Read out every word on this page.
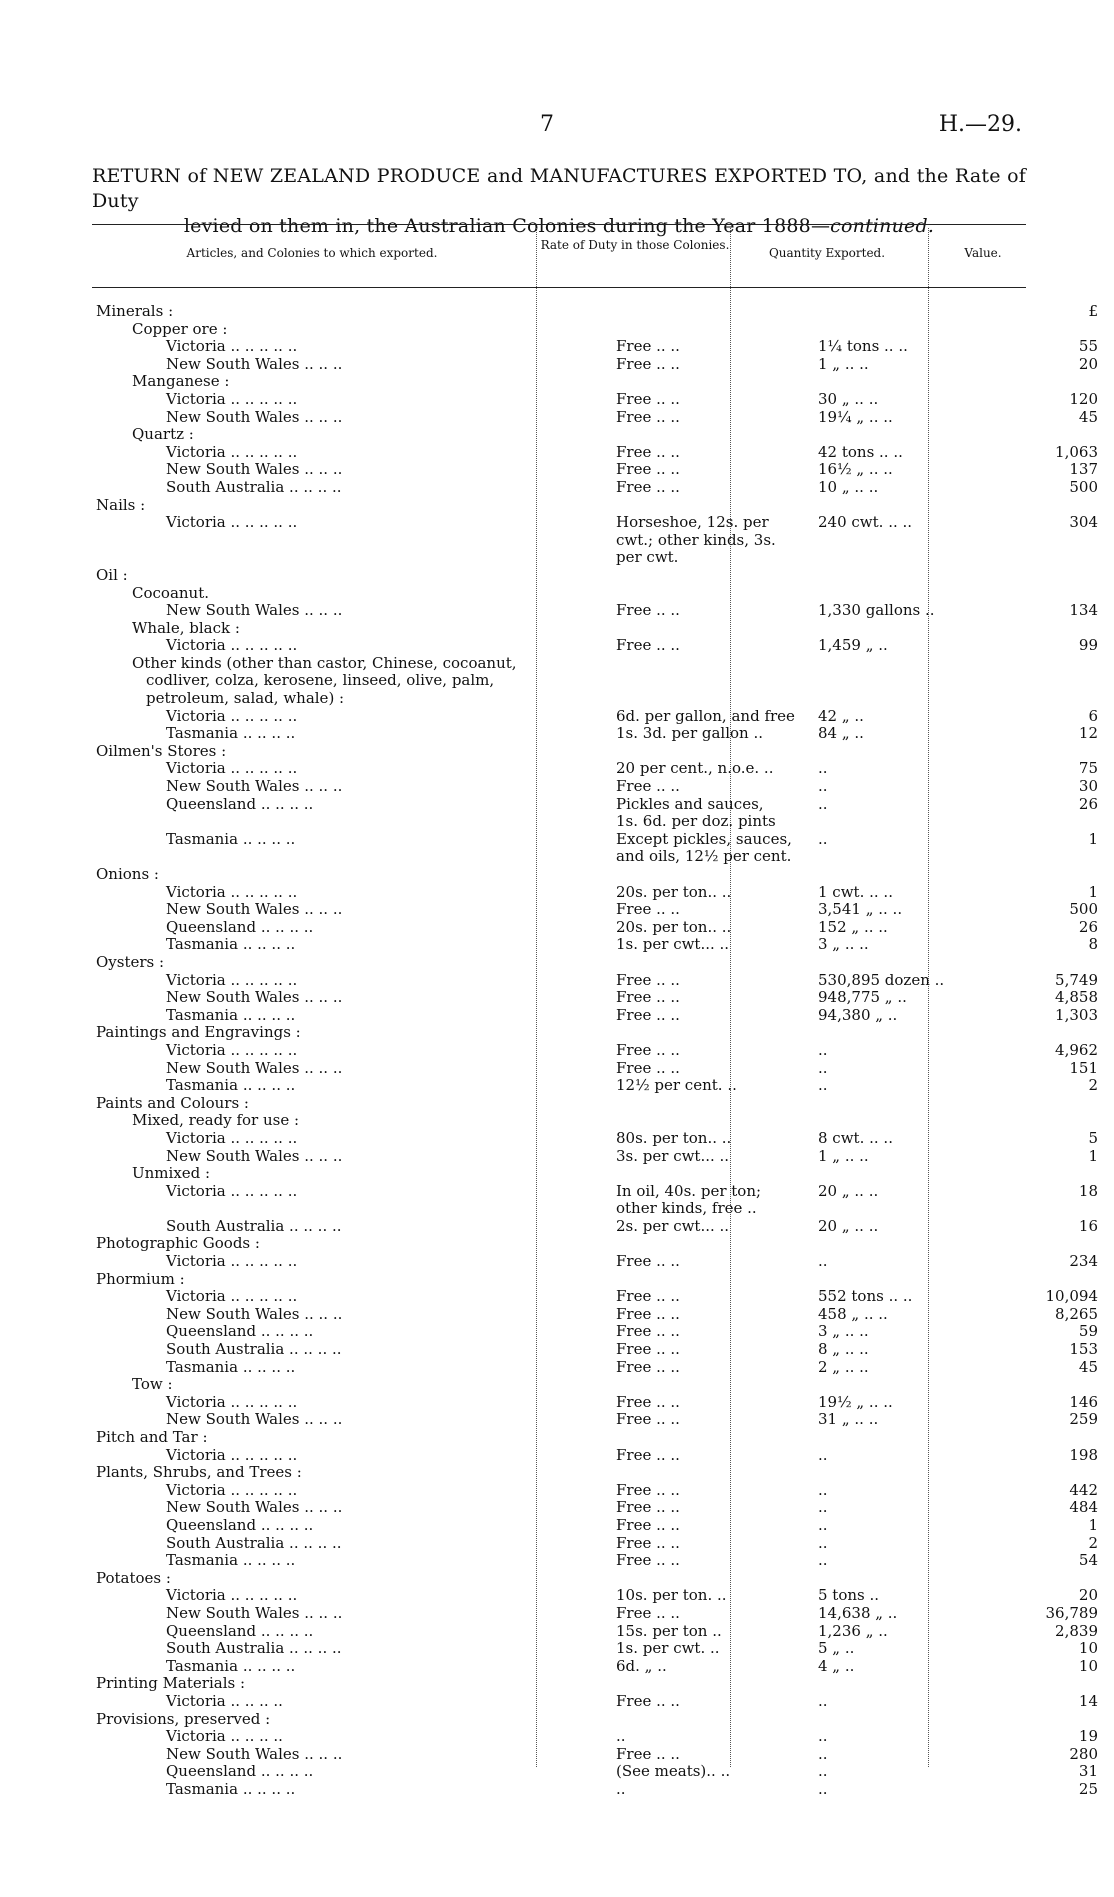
7	H.—29.
RETURN of NEW ZEALAND PRODUCE and MANUFACTURES EXPORTED TO, and the Rate of Duty
levied on them in, the Australian Colonies during the Year 1888—continued.
Articles, and Colonies to which exported.
Rate of Duty in those Colonies.
Quantity Exported.	Value.
Minerals :			£
Copper ore :			
Victoria .. .. .. .. ..	Free .. ..	1¼ tons .. ..	55
New South Wales .. .. ..	Free .. ..	1 „ .. ..	20
Manganese :			
Victoria .. .. .. .. ..	Free .. ..	30 „ .. ..	120
New South Wales .. .. ..	Free .. ..	19¼ „ .. ..	45
Quartz :			
Victoria .. .. .. .. ..	Free .. ..	42 tons .. ..	1,063
New South Wales .. .. ..	Free .. ..	16½ „ .. ..	137
South Australia .. .. .. ..	Free .. ..	10 „ .. ..	500
Nails :			
Victoria .. .. .. .. ..	Horseshoe, 12s. per	240 cwt. .. ..	304
	cwt.; other kinds, 3s.		
	per cwt.		
Oil :			
Cocoanut.			
New South Wales .. .. ..	Free .. ..	1,330 gallons ..	134
Whale, black :			
Victoria .. .. .. .. ..	Free .. ..	1,459 „ ..	99
Other kinds (other than castor, Chinese, cocoanut,			
codliver, colza, kerosene, linseed, olive, palm,			
petroleum, salad, whale) :			
Victoria .. .. .. .. ..	6d. per gallon, and free	42 „ ..	6
Tasmania .. .. .. ..	1s. 3d. per gallon ..	84 „ ..	12
Oilmen's Stores :			
Victoria .. .. .. .. ..	20 per cent., n.o.e. ..	..	75
New South Wales .. .. ..	Free .. ..	..	30
Queensland .. .. .. ..	Pickles and sauces,	..	26
	1s. 6d. per doz. pints		
Tasmania .. .. .. ..	Except pickles, sauces,	..	1
	and oils, 12½ per cent.		
Onions :			
Victoria .. .. .. .. ..	20s. per ton.. ..	1 cwt. .. ..	1
New South Wales .. .. ..	Free .. ..	3,541 „ .. ..	500
Queensland .. .. .. ..	20s. per ton.. ..	152 „ .. ..	26
Tasmania .. .. .. ..	1s. per cwt... ..	3 „ .. ..	8
Oysters :			
Victoria .. .. .. .. ..	Free .. ..	530,895 dozen ..	5,749
New South Wales .. .. ..	Free .. ..	948,775 „ ..	4,858
Tasmania .. .. .. ..	Free .. ..	94,380 „ ..	1,303
Paintings and Engravings :			
Victoria .. .. .. .. ..	Free .. ..	..	4,962
New South Wales .. .. ..	Free .. ..	..	151
Tasmania .. .. .. ..	12½ per cent. ..	..	2
Paints and Colours :			
Mixed, ready for use :			
Victoria .. .. .. .. ..	80s. per ton.. ..	8 cwt. .. ..	5
New South Wales .. .. ..	3s. per cwt... ..	1 „ .. ..	1
Unmixed :			
Victoria .. .. .. .. ..	In oil, 40s. per ton;	20 „ .. ..	18
	other kinds, free ..		
South Australia .. .. .. ..	2s. per cwt... ..	20 „ .. ..	16
Photographic Goods :			
Victoria .. .. .. .. ..	Free .. ..	..	234
Phormium :			
Victoria .. .. .. .. ..	Free .. ..	552 tons .. ..	10,094
New South Wales .. .. ..	Free .. ..	458 „ .. ..	8,265
Queensland .. .. .. ..	Free .. ..	3 „ .. ..	59
South Australia .. .. .. ..	Free .. ..	8 „ .. ..	153
Tasmania .. .. .. ..	Free .. ..	2 „ .. ..	45
Tow :			
Victoria .. .. .. .. ..	Free .. ..	19½ „ .. ..	146
New South Wales .. .. ..	Free .. ..	31 „ .. ..	259
Pitch and Tar :			
Victoria .. .. .. .. ..	Free .. ..	..	198
Plants, Shrubs, and Trees :			
Victoria .. .. .. .. ..	Free .. ..	..	442
New South Wales .. .. ..	Free .. ..	..	484
Queensland .. .. .. ..	Free .. ..	..	1
South Australia .. .. .. ..	Free .. ..	..	2
Tasmania .. .. .. ..	Free .. ..	..	54
Potatoes :			
Victoria .. .. .. .. ..	10s. per ton. ..	5 tons ..	20
New South Wales .. .. ..	Free .. ..	14,638 „ ..	36,789
Queensland .. .. .. ..	15s. per ton ..	1,236 „ ..	2,839
South Australia .. .. .. ..	1s. per cwt. ..	5 „ ..	10
Tasmania .. .. .. ..	6d. „ ..	4 „ ..	10
Printing Materials :			
Victoria .. .. .. ..	Free .. ..	..	14
Provisions, preserved :			
Victoria .. .. .. ..	..	..	19
New South Wales .. .. ..	Free .. ..	..	280
Queensland .. .. .. ..	(See meats).. ..	..	31
Tasmania .. .. .. ..	..	..	25
